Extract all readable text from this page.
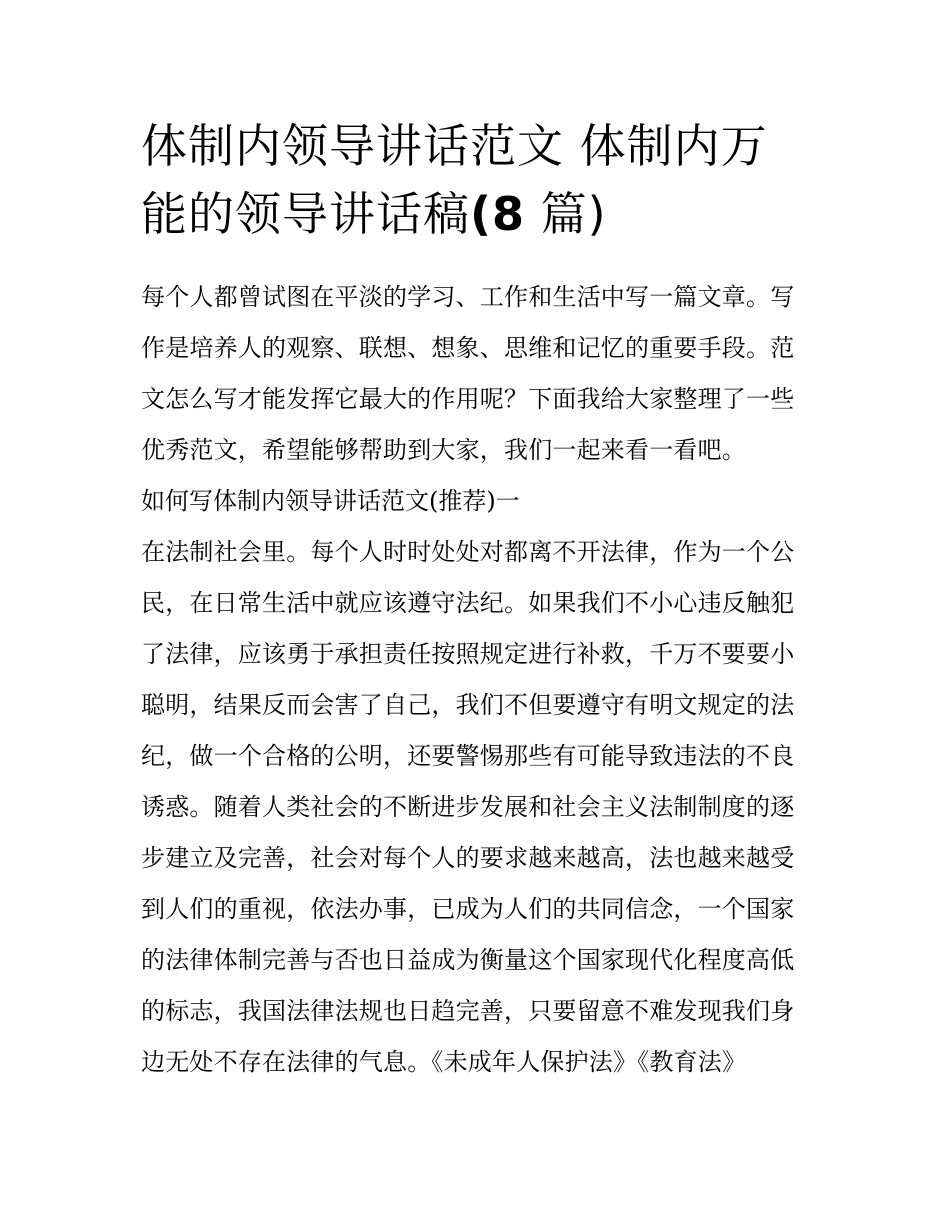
体制内领导讲话范文 体制内万能的领导讲话稿(8 篇)

每个人都曾试图在平淡的学习、工作和生活中写一篇文章。写作是培养人的观察、联想、想象、思维和记忆的重要手段。范文怎么写才能发挥它最大的作用呢？下面我给大家整理了一些优秀范文，希望能够帮助到大家，我们一起来看一看吧。

如何写体制内领导讲话范文(推荐)一

在法制社会里。每个人时时处处对都离不开法律，作为一个公民，在日常生活中就应该遵守法纪。如果我们不小心违反触犯了法律，应该勇于承担责任按照规定进行补救，千万不要要小聪明，结果反而会害了自己，我们不但要遵守有明文规定的法纪，做一个合格的公明，还要警惕那些有可能导致违法的不良诱惑。随着人类社会的不断进步发展和社会主义法制制度的逐步建立及完善，社会对每个人的要求越来越高，法也越来越受到人们的重视，依法办事，已成为人们的共同信念，一个国家的法律体制完善与否也日益成为衡量这个国家现代化程度高低的标志，我国法律法规也日趋完善，只要留意不难发现我们身边无处不存在法律的气息。《未成年人保护法》《教育法》
